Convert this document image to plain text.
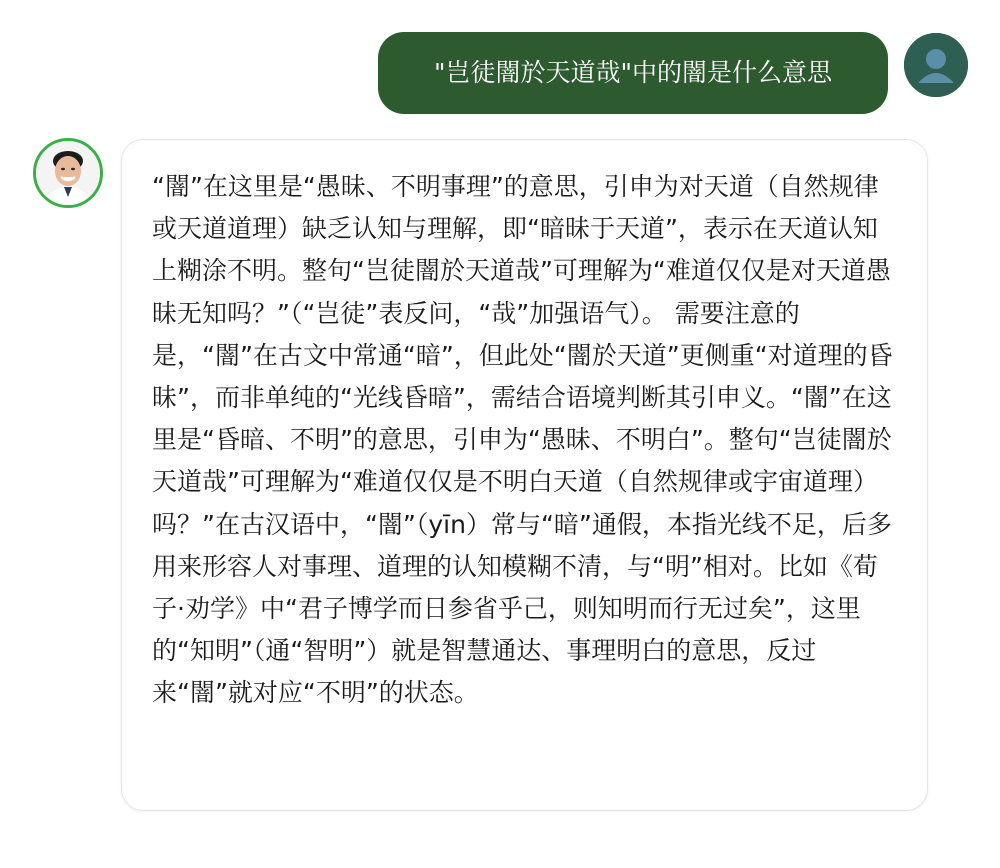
"岂徒闇於天道哉"中的闇是什么意思
“闇”在这里是“愚昧、不明事理”的意思，引申为对天道（自然规律或天道道理）缺乏认知与理解，即“暗昧于天道”，表示在天道认知上糊涂不明。整句“岂徒闇於天道哉”可理解为“难道仅仅是对天道愚昧无知吗？”（“岂徒”表反问，“哉”加强语气）。 需要注意的是，“闇”在古文中常通“暗”，但此处“闇於天道”更侧重“对道理的昏昧”，而非单纯的“光线昏暗”，需结合语境判断其引申义。“闇”在这里是“昏暗、不明”的意思，引申为“愚昧、不明白”。整句“岂徒闇於天道哉”可理解为“难道仅仅是不明白天道（自然规律或宇宙道理）吗？”在古汉语中，“闇”（yīn）常与“暗”通假，本指光线不足，后多用来形容人对事理、道理的认知模糊不清，与“明”相对。比如《荀子·劝学》中“君子博学而日参省乎己，则知明而行无过矣”，这里的“知明”（通“智明”）就是智慧通达、事理明白的意思，反过来“闇”就对应“不明”的状态。
